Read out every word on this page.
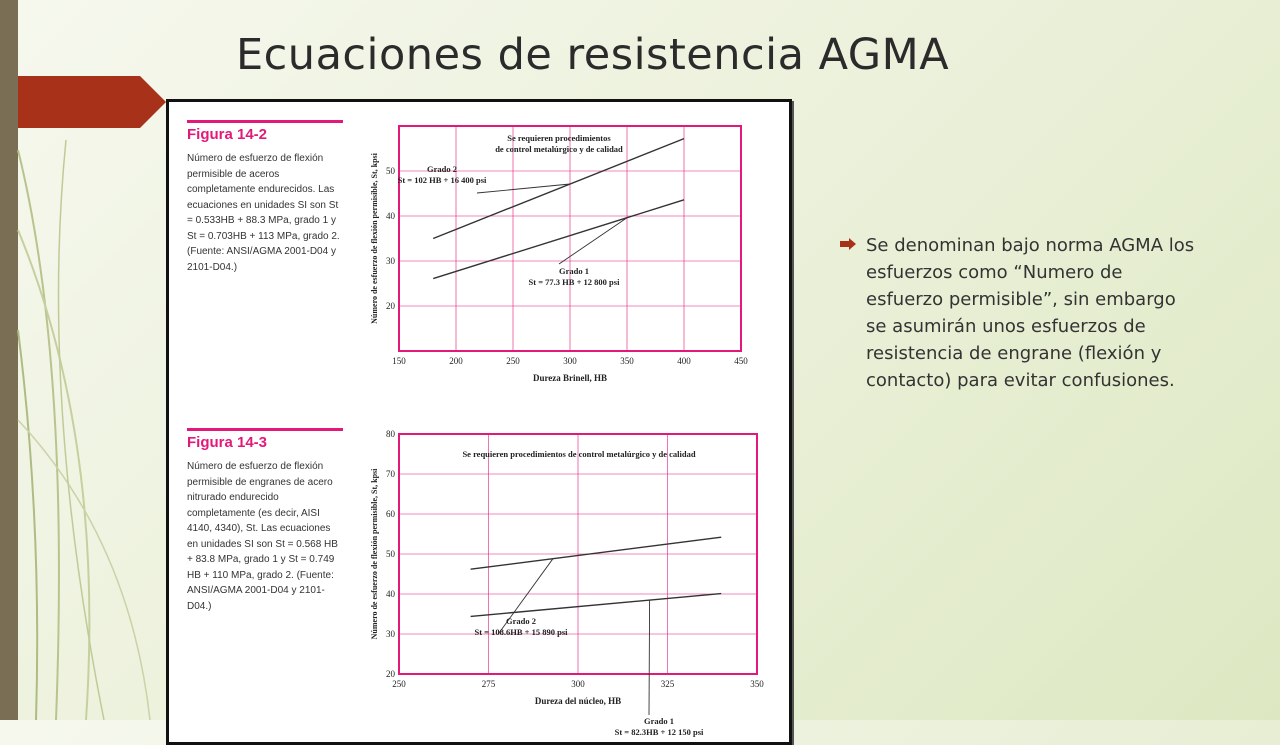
Ecuaciones de resistencia AGMA
Figura 14-2
Número de esfuerzo de flexión permisible de aceros completamente endurecidos. Las ecuaciones en unidades SI son St = 0.533HB + 88.3 MPa, grado 1 y St = 0.703HB + 113 MPa, grado 2. (Fuente: ANSI/AGMA 2001-D04 y 2101-D04.)
150	200	250	300	350	400	450
20
30
40
50
Dureza Brinell, HB
Número de esfuerzo de flexión permisible, St, kpsi
Se requieren procedimientos
de control metalúrgico y de calidad
Grado 2
St = 102 HB + 16 400 psi
Grado 1
St = 77.3 HB + 12 800 psi
Figura 14-3
Número de esfuerzo de flexión permisible de engranes de acero nitrurado endurecido completamente (es decir, AISI 4140, 4340), St. Las ecuaciones en unidades SI son St = 0.568 HB + 83.8 MPa, grado 1 y St = 0.749 HB + 110 MPa, grado 2. (Fuente: ANSI/AGMA 2001-D04 y 2101-D04.)
250	275	300	325	350
20
30
40
50
60
70
80
Dureza del núcleo, HB
Número de esfuerzo de flexión permisible, St, kpsi
Se requieren procedimientos de control metalúrgico y de calidad
Grado 2
St = 108.6HB + 15 890 psi
Grado 1
St = 82.3HB + 12 150 psi

Se denominan bajo norma AGMA los esfuerzos como “Numero de esfuerzo permisible”, sin embargo se asumirán unos esfuerzos de resistencia de engrane (flexión y contacto) para evitar confusiones.
